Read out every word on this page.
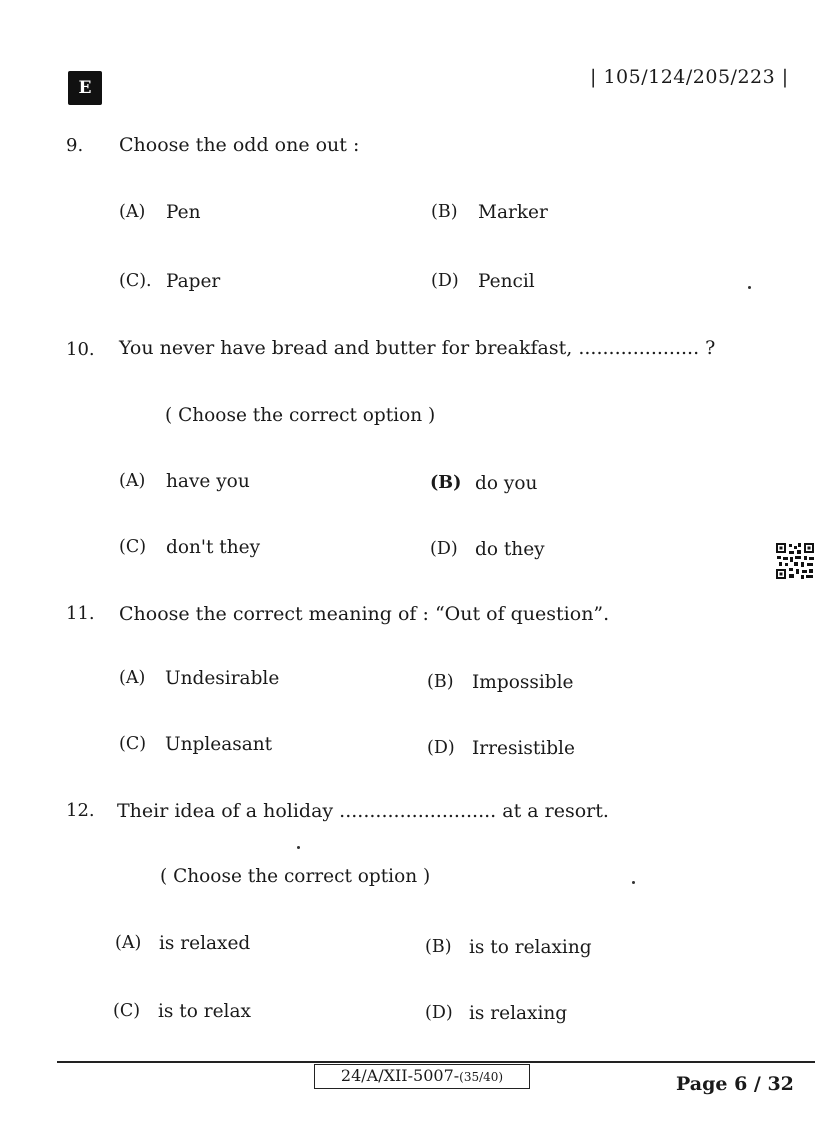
E	| 105/124/205/223 |
9. Choose the odd one out :
(A) Pen	(B) Marker
(C). Paper	(D) Pencil
10. You never have bread and butter for breakfast, .................... ?
( Choose the correct option )
(A) have you	(B) do you
(C) don't they	(D) do they
11. Choose the correct meaning of : “Out of question”.
(A) Undesirable	(B) Impossible
(C) Unpleasant	(D) Irresistible
12. Their idea of a holiday .......................... at a resort.
( Choose the correct option )
(A) is relaxed	(B) is to relaxing
(C) is to relax	(D) is relaxing
24/A/XII-5007-(35/40)	Page 6 / 32
